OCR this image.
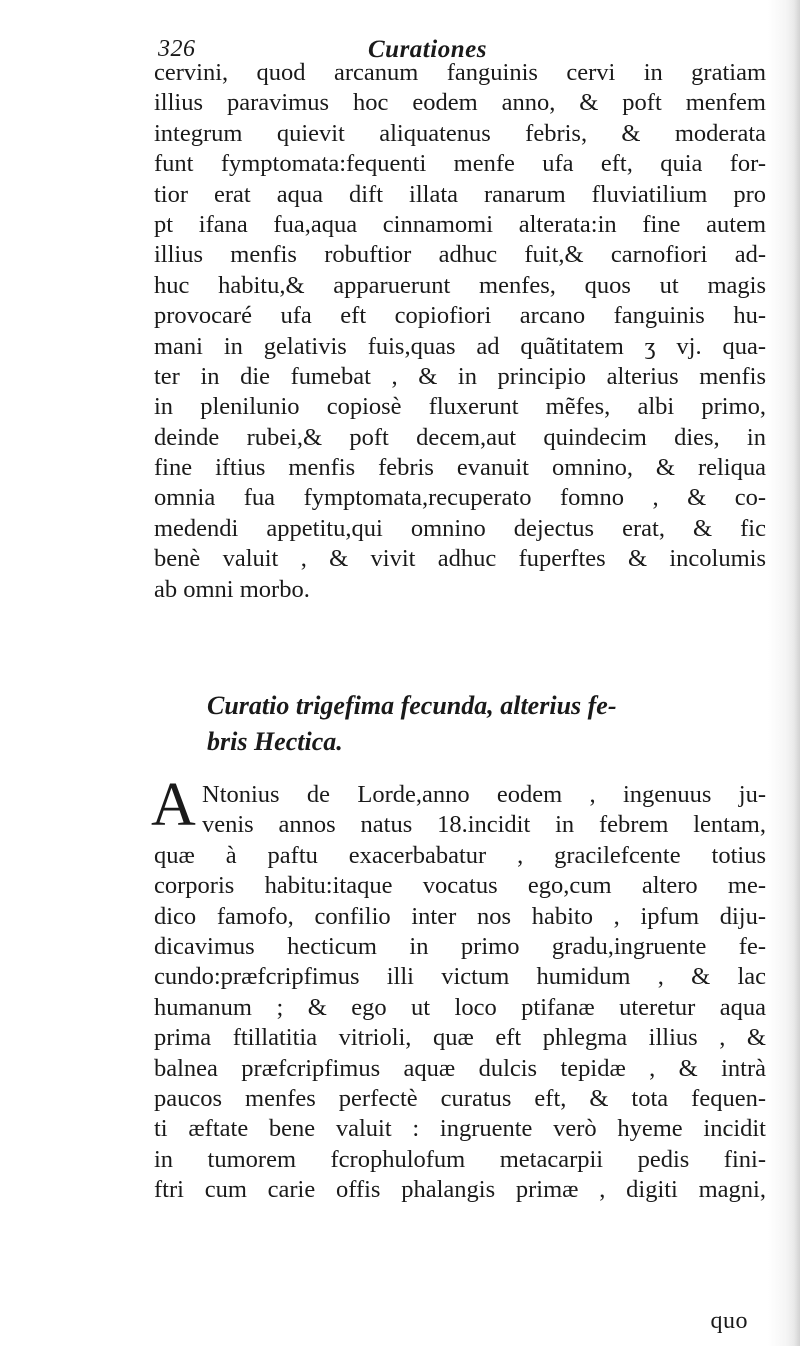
326	Curationes
cervini, quod arcanum fanguinis cervi in gratiam
illius paravimus hoc eodem anno, & poft menfem
integrum quievit aliquatenus febris, & moderata
funt fymptomata:fequenti menfe ufa eft, quia for-
tior erat aqua dift illata ranarum fluviatilium pro
pt ifana fua,aqua cinnamomi alterata:in fine autem
illius menfis robuftior adhuc fuit,& carnofiori ad-
huc habitu,& apparuerunt menfes, quos ut magis
provocaré ufa eft copiofiori arcano fanguinis hu-
mani in gelativis fuis,quas ad quãtitatem ʒ vj. qua-
ter in die fumebat , & in principio alterius menfis
in plenilunio copiosè fluxerunt mẽfes, albi primo,
deinde rubei,& poft decem,aut quindecim dies, in
fine iftius menfis febris evanuit omnino, & reliqua
omnia fua fymptomata,recuperato fomno , & co-
medendi appetitu,qui omnino dejectus erat, & fic
benè valuit , & vivit adhuc fuperftes & incolumis
ab omni morbo.
Curatio trigefima fecunda, alterius fe-
bris Hectica.
A Ntonius de Lorde,anno eodem , ingenuus ju-
venis annos natus 18.incidit in febrem lentam,
quæ à paftu exacerbabatur , gracilefcente totius
corporis habitu:itaque vocatus ego,cum altero me-
dico famofo, confilio inter nos habito , ipfum diju-
dicavimus hecticum in primo gradu,ingruente fe-
cundo:præfcripfimus illi victum humidum , & lac
humanum ; & ego ut loco ptifanæ uteretur aqua
prima ftillatitia vitrioli, quæ eft phlegma illius , &
balnea præfcripfimus aquæ dulcis tepidæ , & intrà
paucos menfes perfectè curatus eft, & tota fequen-
ti æftate bene valuit : ingruente verò hyeme incidit
in tumorem fcrophulofum metacarpii pedis fini-
ftri cum carie offis phalangis primæ , digiti magni,
quo
